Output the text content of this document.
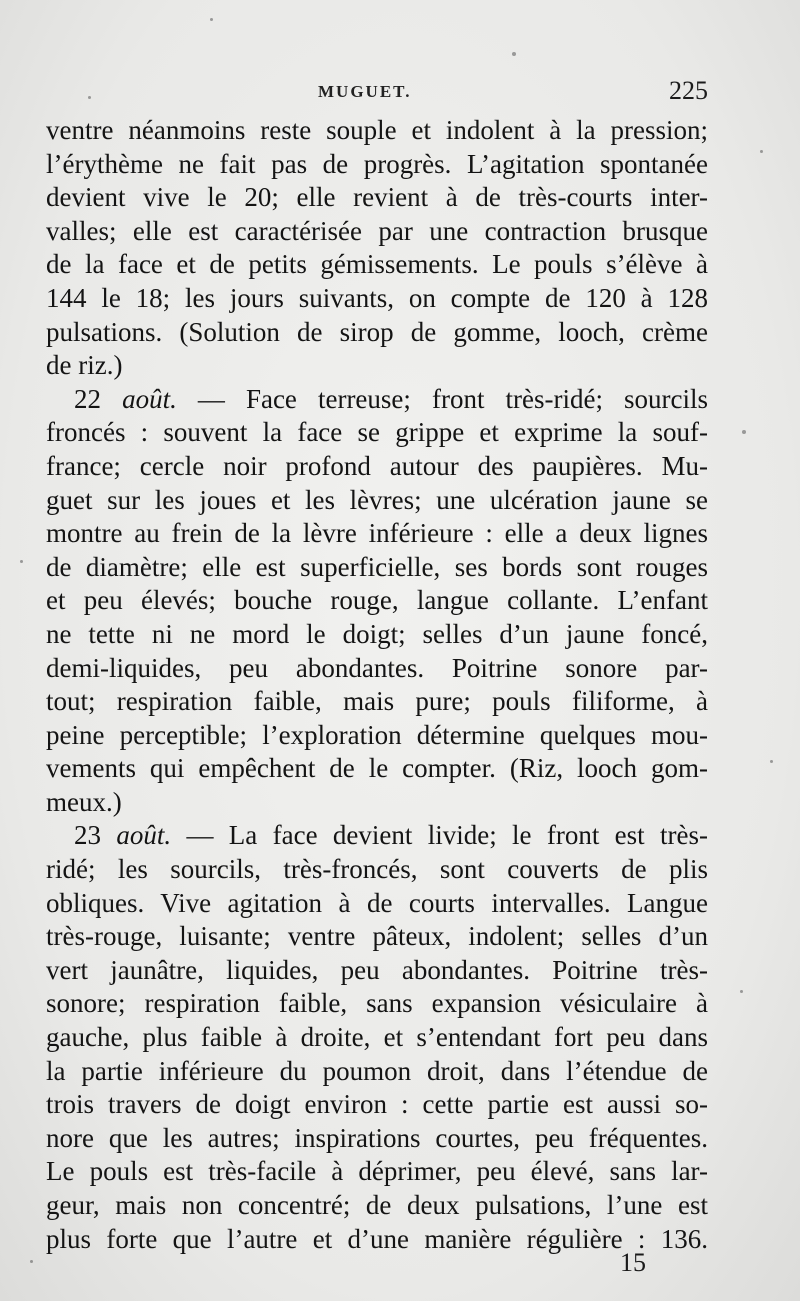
MUGUET.	225
ventre néanmoins reste souple et indolent à la pression;
l’érythème ne fait pas de progrès. L’agitation spontanée
devient vive le 20; elle revient à de très-courts inter-
valles; elle est caractérisée par une contraction brusque
de la face et de petits gémissements. Le pouls s’élève à
144 le 18; les jours suivants, on compte de 120 à 128
pulsations. (Solution de sirop de gomme, looch, crème
de riz.)
22 août. — Face terreuse; front très-ridé; sourcils
froncés : souvent la face se grippe et exprime la souf-
france; cercle noir profond autour des paupières. Mu-
guet sur les joues et les lèvres; une ulcération jaune se
montre au frein de la lèvre inférieure : elle a deux lignes
de diamètre; elle est superficielle, ses bords sont rouges
et peu élevés; bouche rouge, langue collante. L’enfant
ne tette ni ne mord le doigt; selles d’un jaune foncé,
demi-liquides, peu abondantes. Poitrine sonore par-
tout; respiration faible, mais pure; pouls filiforme, à
peine perceptible; l’exploration détermine quelques mou-
vements qui empêchent de le compter. (Riz, looch gom-
meux.)
23 août. — La face devient livide; le front est très-
ridé; les sourcils, très-froncés, sont couverts de plis
obliques. Vive agitation à de courts intervalles. Langue
très-rouge, luisante; ventre pâteux, indolent; selles d’un
vert jaunâtre, liquides, peu abondantes. Poitrine très-
sonore; respiration faible, sans expansion vésiculaire à
gauche, plus faible à droite, et s’entendant fort peu dans
la partie inférieure du poumon droit, dans l’étendue de
trois travers de doigt environ : cette partie est aussi so-
nore que les autres; inspirations courtes, peu fréquentes.
Le pouls est très-facile à déprimer, peu élevé, sans lar-
geur, mais non concentré; de deux pulsations, l’une est
plus forte que l’autre et d’une manière régulière : 136.
15
